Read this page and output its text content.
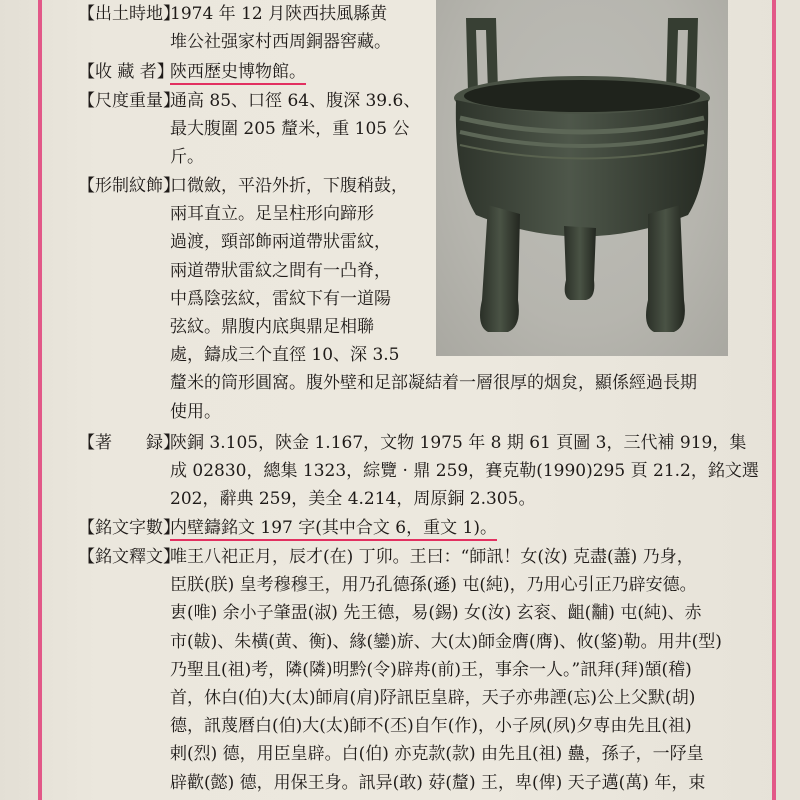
【出土時地】
1974 年 12 月陝西扶風縣黄
堆公社强家村西周銅器窖藏。
【收 藏 者】
陝西歷史博物館。
【尺度重量】
通高 85、口徑 64、腹深 39.6、
最大腹圍 205 釐米，重 105 公
斤。
【形制紋飾】
口微斂，平沿外折，下腹稍鼓，
兩耳直立。足呈柱形向蹄形
過渡，頸部飾兩道帶狀雷紋，
兩道帶狀雷紋之間有一凸脊，
中爲陰弦紋，雷紋下有一道陽
弦紋。鼎腹内底與鼎足相聯
處，鑄成三个直徑 10、深 3.5
釐米的筒形圓窩。腹外壁和足部凝結着一層很厚的烟炱，顯係經過長期
使用。
【著　　録】
陝銅 3.105，陝金 1.167，文物 1975 年 8 期 61 頁圖 3，三代補 919，集
成 02830，總集 1323，綜覽 · 鼎 259，賽克勒(1990)295 頁 21.2，銘文選
202，辭典 259，美全 4.214，周原銅 2.305。
【銘文字數】
内壁鑄銘文 197 字(其中合文 6，重文 1)。
【銘文釋文】
唯王八祀正月，辰才(在) 丁卯。王曰：“師訊！女(汝) 克盡(藎) 乃身，
臣朕(朕) 皇考穆穆王，用乃孔德孫(遜) 屯(純)，乃用心引正乃辟安德。
叀(唯) 余小子肇盄(淑) 先王德，易(錫) 女(汝) 玄衮、齟(黼) 屯(純)、赤
市(韍)、朱橫(黄、衡)、緣(鑾)旂、大(太)師金膺(膺)、攸(鋚)勒。用井(型)
乃聖且(祖)考，隣(隣)明黔(令)辟歬(前)王，事余一人。”訊拜(拜)頶(稽)
首，休白(伯)大(太)師肩(肩)䦽訊臣皇辟，天子亦弗諲(忘)公上父默(胡)
德，訊蔑曆白(伯)大(太)師不(丕)自乍(作)，小子夙(夙)夕専由先且(祖)
剌(烈) 德，用臣皇辟。白(伯) 亦克款(款) 由先且(祖) 蠱，孫子，一䦽皇
辟歡(懿) 德，用保王身。訊异(敢) 䒵(釐) 王，卑(俾) 天子邁(萬) 年，束
